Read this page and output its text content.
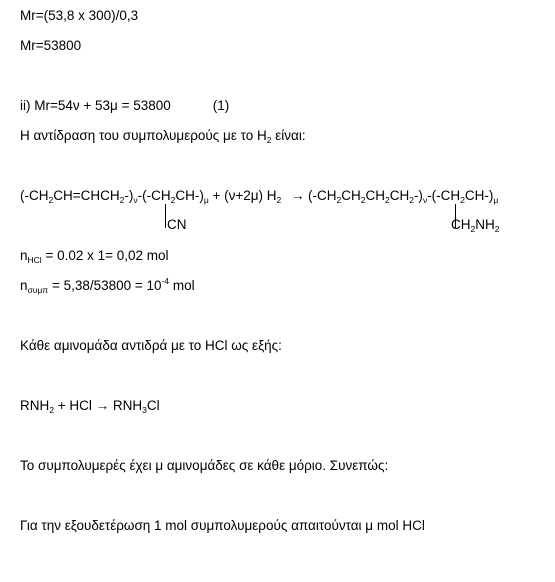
Mr=(53,8 x 300)/0,3
Mr=53800
ii) Mr=54ν + 53μ = 53800	(1)
Η αντίδραση του συμπολυμερούς με το $H_2$ είναι:
$(-CH_2CH=CHCH_2-)_\nu-(-CH_2CH-)_\mu + (\nu+2\mu) H_2 \to (-CH_2CH_2CH_2CH_2-)_\nu-(-CH_2CH-)_\mu$
CN	$CH_2NH_2$
$n_{HCl} = 0.02$ x 1= 0,02 mol
$n_{\sigma\upsilon\mu\pi} = 5,38/53800 = 10^{-4}$ mol
Κάθε αμινομάδα αντιδρά με το HCl ως εξής:
$RNH_2$ + HCl → $RNH_3Cl$
Το συμπολυμερές έχει μ αμινομάδες σε κάθε μόριο. Συνεπώς:
Για την εξουδετέρωση 1 mol συμπολυμερούς απαιτούνται μ mol HCl
